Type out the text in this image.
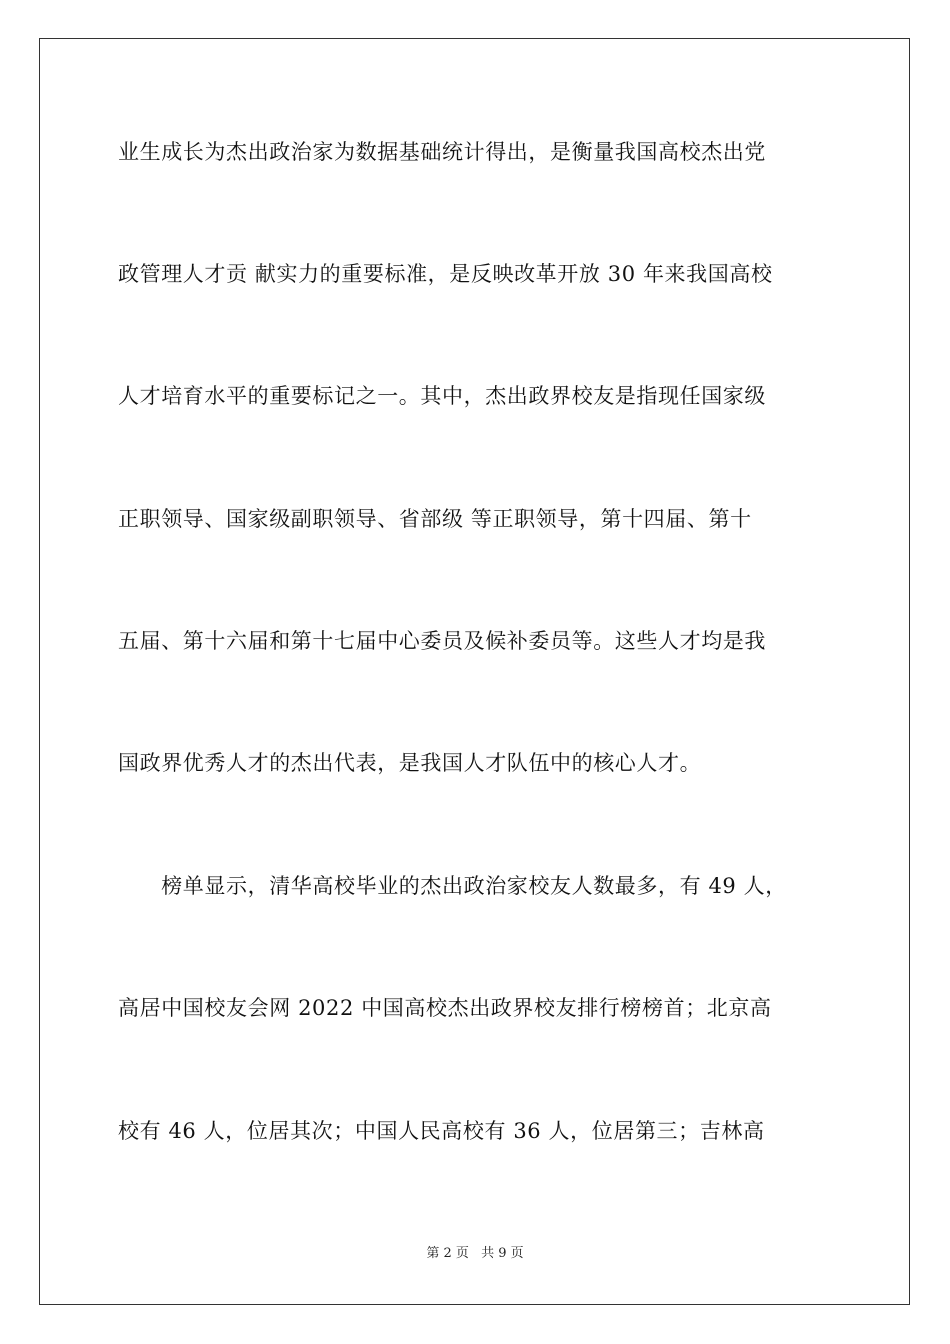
业生成长为杰出政治家为数据基础统计得出，是衡量我国高校杰出党
政管理人才贡 献实力的重要标准，是反映改革开放 30 年来我国高校
人才培育水平的重要标记之一。其中，杰出政界校友是指现任国家级
正职领导、国家级副职领导、省部级 等正职领导，第十四届、第十
五届、第十六届和第十七届中心委员及候补委员等。这些人才均是我
国政界优秀人才的杰出代表，是我国人才队伍中的核心人才。
　　榜单显示，清华高校毕业的杰出政治家校友人数最多，有 49 人，
高居中国校友会网 2022 中国高校杰出政界校友排行榜榜首；北京高
校有 46 人，位居其次；中国人民高校有 36 人，位居第三；吉林高
第 2 页 共 9 页
